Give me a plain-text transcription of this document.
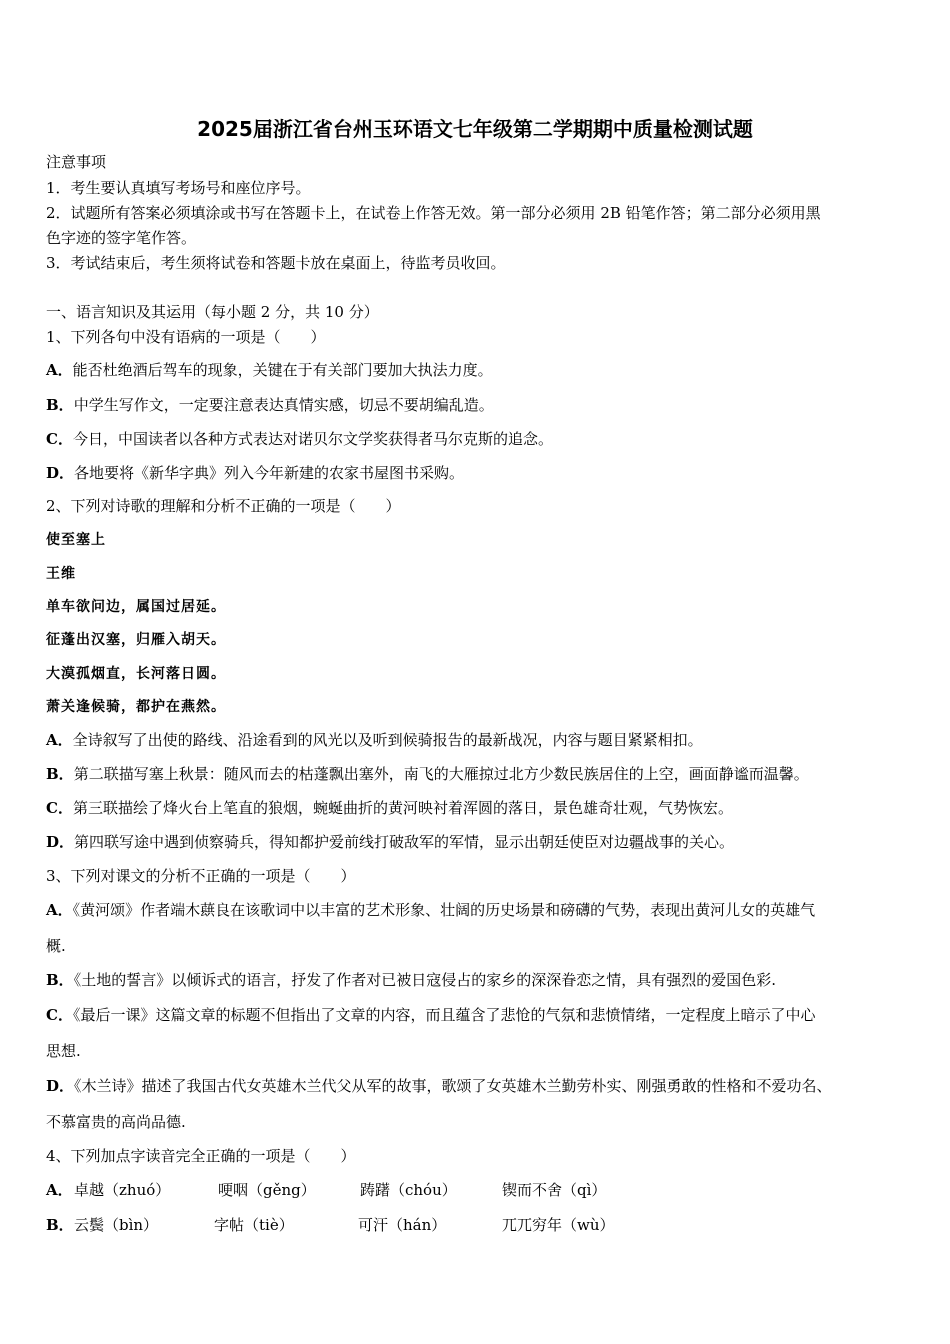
2025届浙江省台州玉环语文七年级第二学期期中质量检测试题
注意事项
1．考生要认真填写考场号和座位序号。
2．试题所有答案必须填涂或书写在答题卡上，在试卷上作答无效。第一部分必须用 2B 铅笔作答；第二部分必须用黑
色字迹的签字笔作答。
3．考试结束后，考生须将试卷和答题卡放在桌面上，待监考员收回。
一、语言知识及其运用（每小题 2 分，共 10 分）
1、下列各句中没有语病的一项是（　　）
A．能否杜绝酒后驾车的现象，关键在于有关部门要加大执法力度。
B．中学生写作文，一定要注意表达真情实感，切忌不要胡编乱造。
C．今日，中国读者以各种方式表达对诺贝尔文学奖获得者马尔克斯的追念。
D．各地要将《新华字典》列入今年新建的农家书屋图书采购。
2、下列对诗歌的理解和分析不正确的一项是（　　）
使至塞上
王维
单车欲问边，属国过居延。
征蓬出汉塞，归雁入胡天。
大漠孤烟直，长河落日圆。
萧关逢候骑，都护在燕然。
A．全诗叙写了出使的路线、沿途看到的风光以及听到候骑报告的最新战况，内容与题目紧紧相扣。
B．第二联描写塞上秋景：随风而去的枯蓬飘出塞外，南飞的大雁掠过北方少数民族居住的上空，画面静谧而温馨。
C．第三联描绘了烽火台上笔直的狼烟，蜿蜒曲折的黄河映衬着浑圆的落日，景色雄奇壮观，气势恢宏。
D．第四联写途中遇到侦察骑兵，得知都护爱前线打破敌军的军情，显示出朝廷使臣对边疆战事的关心。
3、下列对课文的分析不正确的一项是（　　）
A．《黄河颂》作者端木蕻良在该歌词中以丰富的艺术形象、壮阔的历史场景和磅礴的气势，表现出黄河儿女的英雄气
概.
B．《土地的誓言》以倾诉式的语言，抒发了作者对已被日寇侵占的家乡的深深眷恋之情，具有强烈的爱国色彩.
C．《最后一课》这篇文章的标题不但指出了文章的内容，而且蕴含了悲怆的气氛和悲愤情绪，一定程度上暗示了中心
思想.
D．《木兰诗》描述了我国古代女英雄木兰代父从军的故事，歌颂了女英雄木兰勤劳朴实、刚强勇敢的性格和不爱功名、
不慕富贵的高尚品德.
4、下列加点字读音完全正确的一项是（　　）
A． 卓越（zhuó）	哽咽（gěng）	踌躇（chóu）	锲而不舍（qì）
B． 云鬓（bìn）	字帖（tiè）	可汗（hán）	兀兀穷年（wù）
